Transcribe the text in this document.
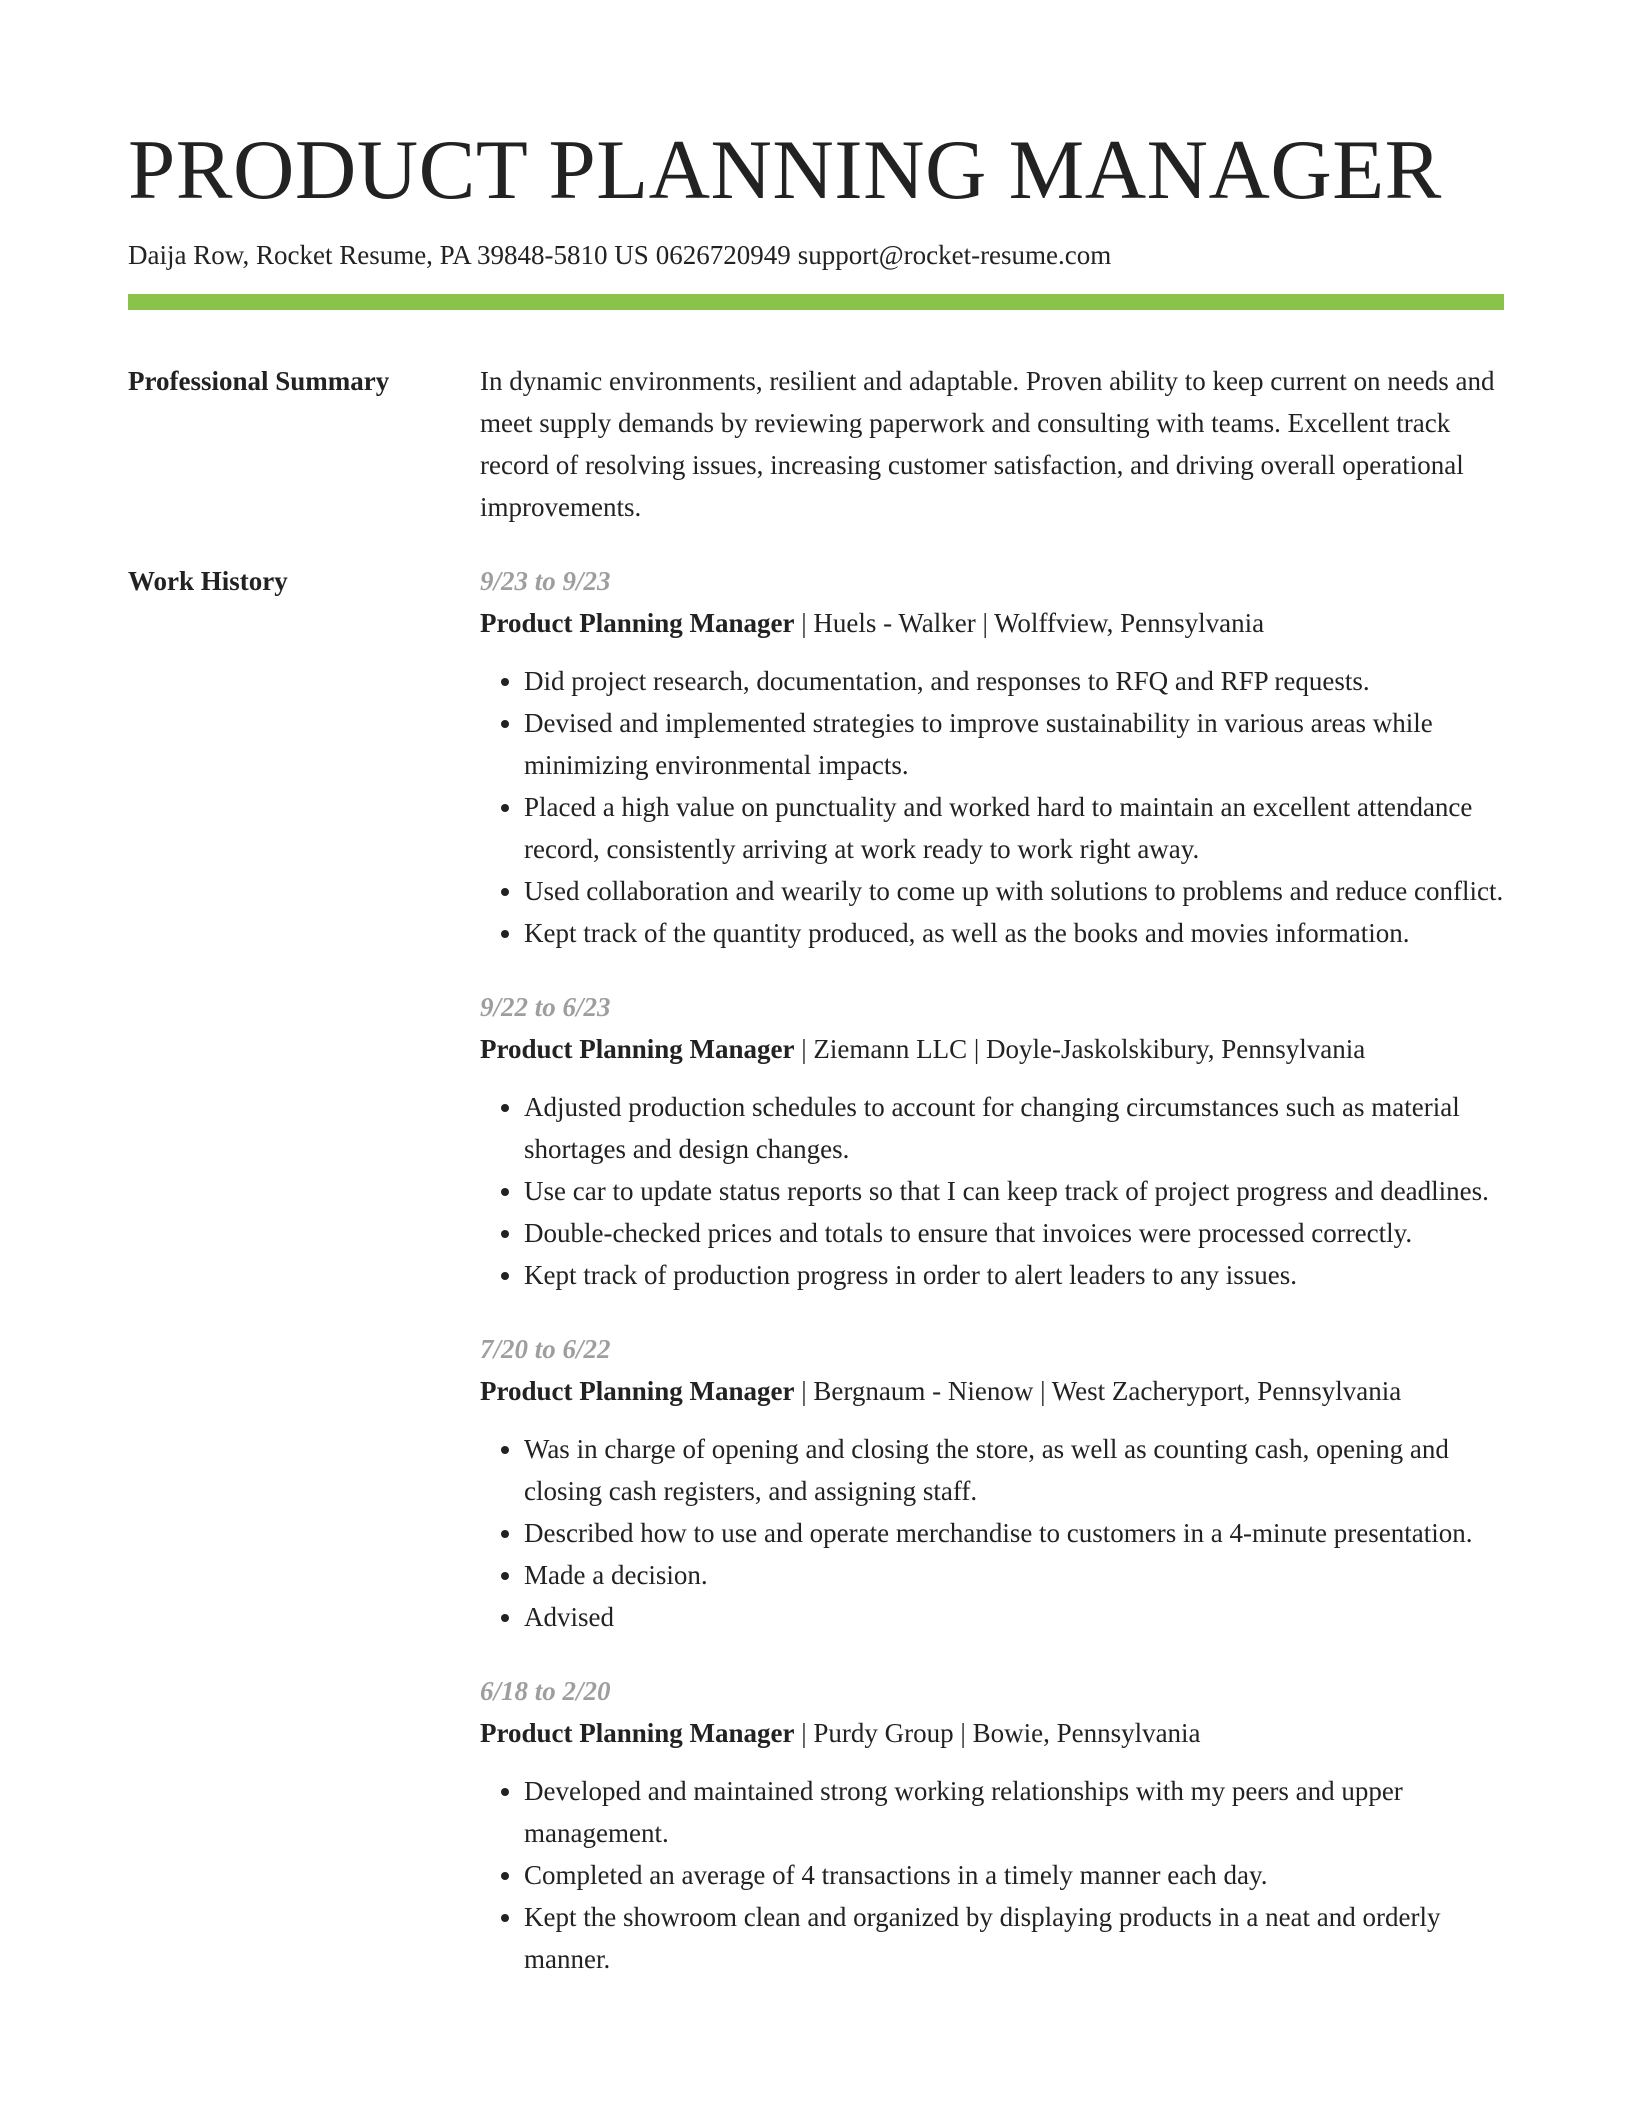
PRODUCT PLANNING MANAGER
Daija Row, Rocket Resume, PA 39848-5810 US 0626720949 support@rocket-resume.com
Professional Summary	In dynamic environments, resilient and adaptable. Proven ability to keep current on needs and meet supply demands by reviewing paperwork and consulting with teams. Excellent track record of resolving issues, increasing customer satisfaction, and driving overall operational improvements.
Work History	9/23 to 9/23
Product Planning Manager | Huels - Walker | Wolffview, Pennsylvania
• Did project research, documentation, and responses to RFQ and RFP requests.
• Devised and implemented strategies to improve sustainability in various areas while minimizing environmental impacts.
• Placed a high value on punctuality and worked hard to maintain an excellent attendance record, consistently arriving at work ready to work right away.
• Used collaboration and wearily to come up with solutions to problems and reduce conflict.
• Kept track of the quantity produced, as well as the books and movies information.
9/22 to 6/23
Product Planning Manager | Ziemann LLC | Doyle-Jaskolskibury, Pennsylvania
• Adjusted production schedules to account for changing circumstances such as material shortages and design changes.
• Use car to update status reports so that I can keep track of project progress and deadlines.
• Double-checked prices and totals to ensure that invoices were processed correctly.
• Kept track of production progress in order to alert leaders to any issues.
7/20 to 6/22
Product Planning Manager | Bergnaum - Nienow | West Zacheryport, Pennsylvania
• Was in charge of opening and closing the store, as well as counting cash, opening and closing cash registers, and assigning staff.
• Described how to use and operate merchandise to customers in a 4-minute presentation.
• Made a decision.
• Advised
6/18 to 2/20
Product Planning Manager | Purdy Group | Bowie, Pennsylvania
• Developed and maintained strong working relationships with my peers and upper management.
• Completed an average of 4 transactions in a timely manner each day.
• Kept the showroom clean and organized by displaying products in a neat and orderly manner.
